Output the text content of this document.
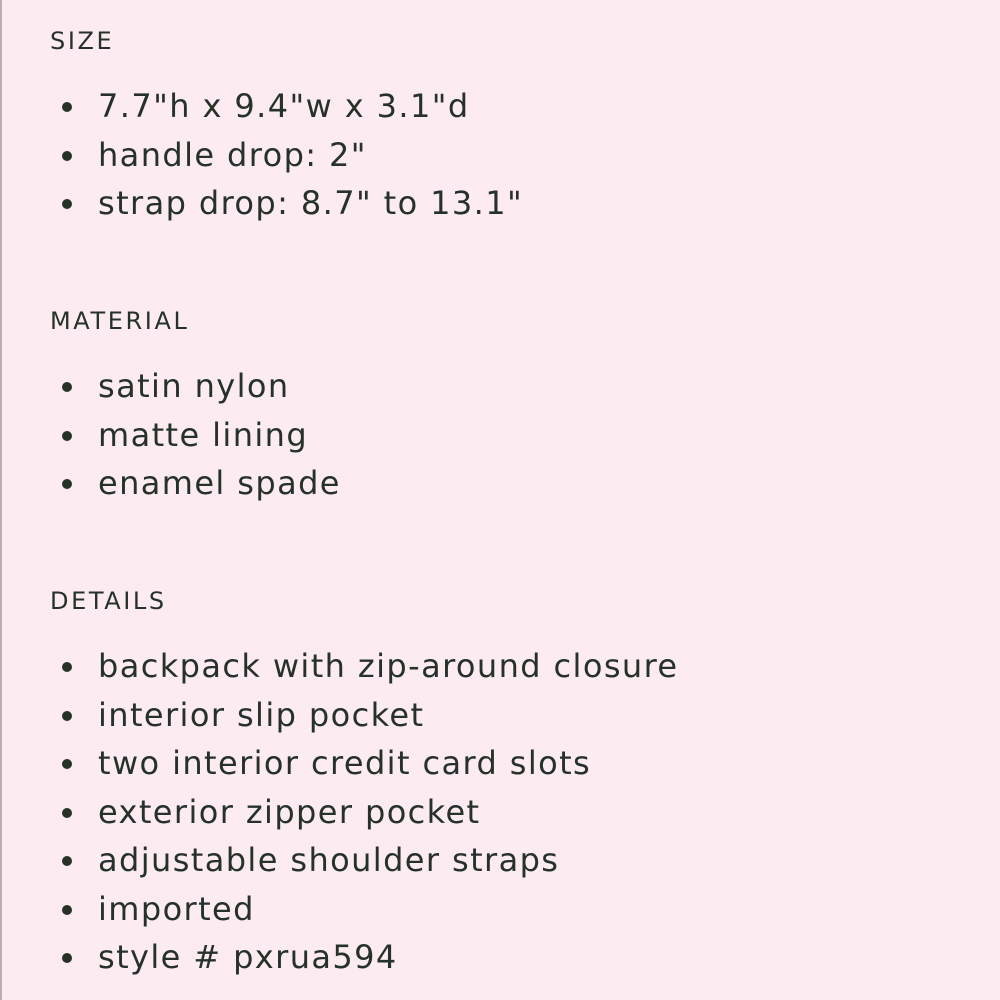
SIZE
7.7"h x 9.4"w x 3.1"d
handle drop: 2"
strap drop: 8.7" to 13.1"
MATERIAL
satin nylon
matte lining
enamel spade
DETAILS
backpack with zip-around closure
interior slip pocket
two interior credit card slots
exterior zipper pocket
adjustable shoulder straps
imported
style # pxrua594
